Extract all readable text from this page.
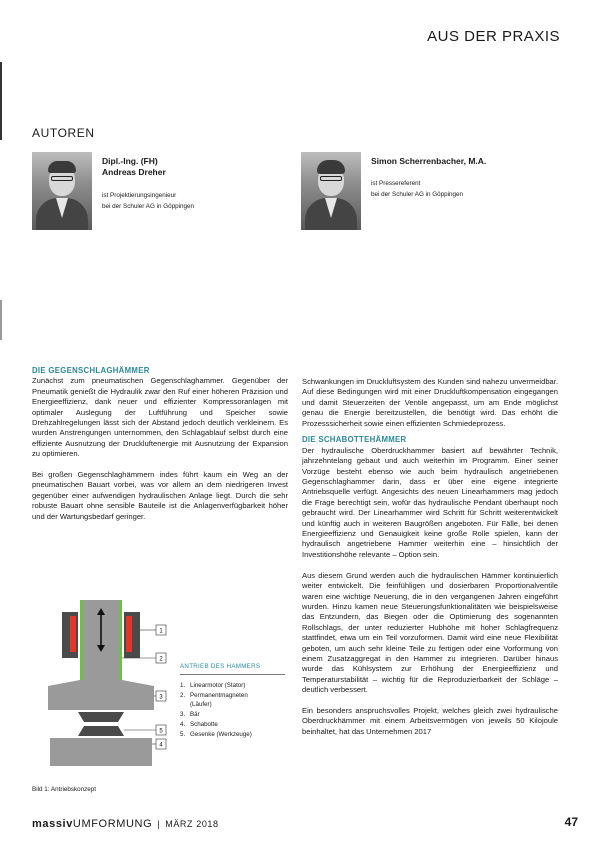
AUS DER PRAXIS
AUTOREN
Dipl.-Ing. (FH)
Andreas Dreher
ist Projektierungsingenieur
bei der Schuler AG in Göppingen
Simon Scherrenbacher, M.A.
ist Pressereferent
bei der Schuler AG in Göppingen
DIE GEGENSCHLAGHÄMMER

Zunächst zum pneumatischen Gegenschlaghammer. Gegenüber der Pneumatik genießt die Hydraulik zwar den Ruf einer höheren Präzision und Energieeffizienz, dank neuer und effizienter Kompressoranlagen mit optimaler Auslegung der Luftführung und Speicher sowie Drehzahlregelungen lässt sich der Abstand jedoch deutlich verkleinern. Es wurden Anstrengungen unternommen, den Schlagablauf selbst durch eine effiziente Ausnutzung der Druckluftenergie mit Ausnutzung der Expansion zu optimieren.

Bei großen Gegenschlaghämmern indes führt kaum ein Weg an der pneumatischen Bauart vorbei, was vor allem an dem niedrigeren Invest gegenüber einer aufwendigen hydraulischen Anlage liegt. Durch die sehr robuste Bauart ohne sensible Bauteile ist die Anlagenverfügbarkeit höher und der Wartungsbedarf geringer.

Schwankungen im Druckluftsystem des Kunden sind nahezu unvermeidbar. Auf diese Bedingungen wird mit einer Druckluftkompensation eingegangen und damit Steuerzeiten der Ventile angepasst, um am Ende möglichst genau die Energie bereitzustellen, die benötigt wird. Das erhöht die Prozesssicherheit sowie einen effizienten Schmiedeprozess.

DIE SCHABOTTEHÄMMER

Der hydraulische Oberdruckhammer basiert auf bewährter Technik, jahrzehntelang gebaut und auch weiterhin im Programm. Einer seiner Vorzüge besteht ebenso wie auch beim hydraulisch angetriebenen Gegenschlaghammer darin, dass er über eine eigene integrierte Antriebsquelle verfügt. Angesichts des neuen Linearhammers mag jedoch die Frage berechtigt sein, wofür das hydraulische Pendant überhaupt noch gebraucht wird. Der Linearhammer wird Schritt für Schritt weiterentwickelt und künftig auch in weiteren Baugrößen angeboten. Für Fälle, bei denen Energieeffizienz und Genauigkeit keine große Rolle spielen, kann der hydraulisch angetriebene Hammer weiterhin eine – hinsichtlich der Investitionshöhe relevante – Option sein.

Aus diesem Grund werden auch die hydraulischen Hämmer kontinuierlich weiter entwickelt. Die feinfühligen und dosierbaren Proportionalventile waren eine wichtige Neuerung, die in den vergangenen Jahren eingeführt wurden. Hinzu kamen neue Steuerungsfunktionalitäten wie beispielsweise das Entzundern, das Biegen oder die Optimierung des sogenannten Rollschlags, der unter reduzierter Hubhöhe mit hoher Schlagfrequenz stattfindet, etwa um ein Teil vorzuformen. Damit wird eine neue Flexibilität geboten, um auch sehr kleine Teile zu fertigen oder eine Vorformung von einem Zusatzaggregat in den Hammer zu integrieren. Darüber hinaus wurde das Kühlsystem zur Erhöhung der Energieeffizienz und Temperaturstabilität – wichtig für die Reproduzierbarkeit der Schläge – deutlich verbessert.

Ein besonders anspruchsvolles Projekt, welches gleich zwei hydraulische Oberdruckhämmer mit einem Arbeitsvermögen von jeweils 50 Kilojoule beinhaltet, hat das Unternehmen 2017

1
2
3
5
4
ANTRIEB DES HAMMERS
1. Linearmotor (Stator)
2. Permanentmagneten
(Läufer)
3. Bär
4. Schabotte
5. Gesenke (Werkzeuge)
Bild 1: Antriebskonzept
massivUMFORMUNG | MÄRZ 2018	47
